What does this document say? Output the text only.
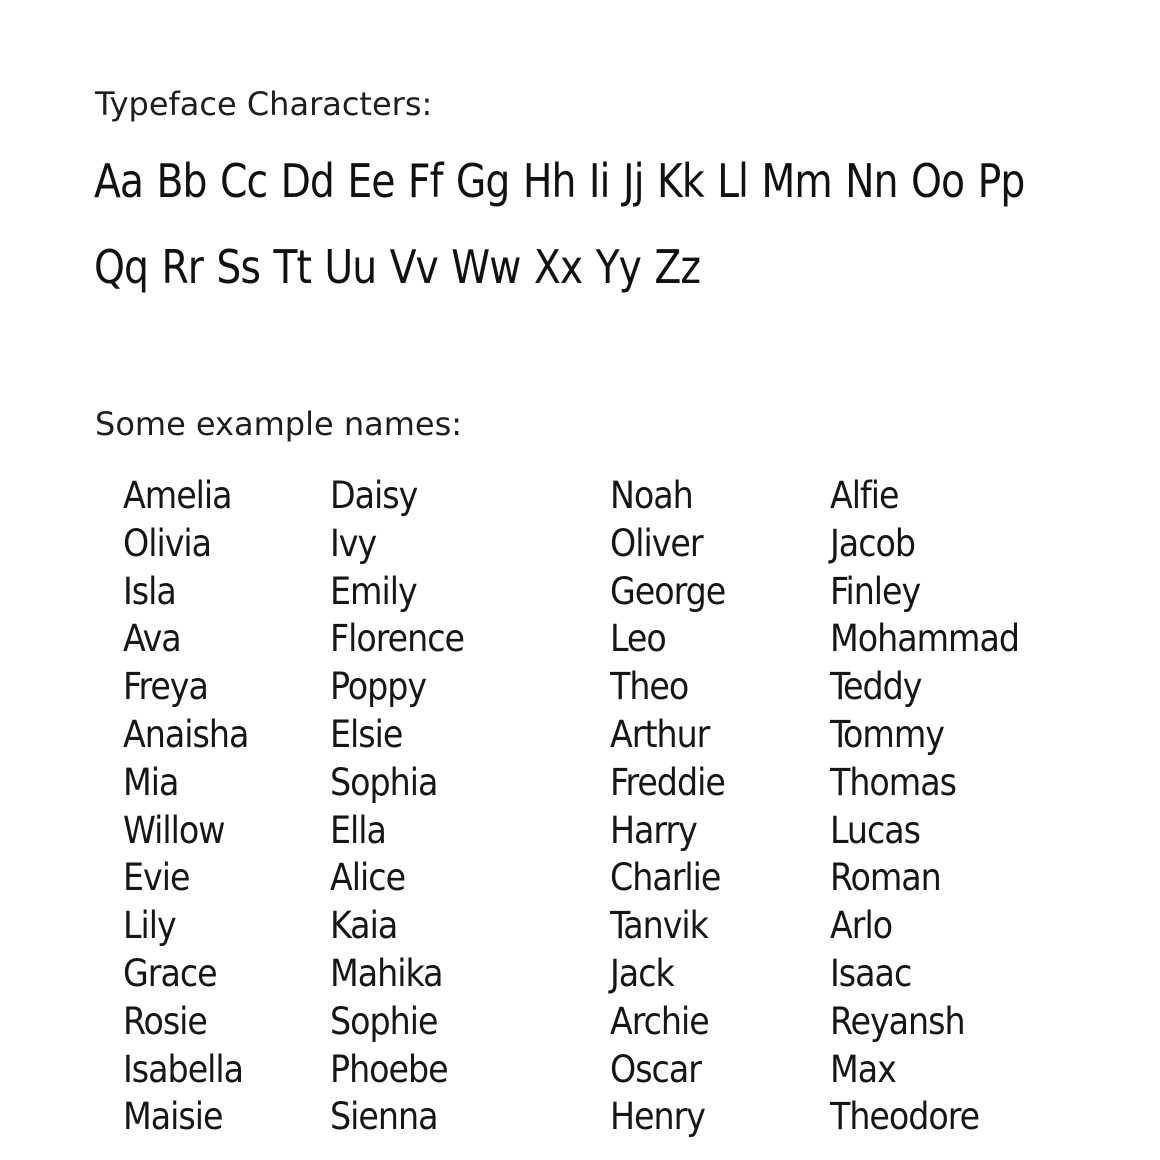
Typeface Characters:

Aa Bb Cc Dd Ee Ff Gg Hh Ii Jj Kk Ll Mm Nn Oo Pp

Qq Rr Ss Tt Uu Vv Ww Xx Yy Zz

Some example names:
Amelia
Olivia
Isla
Ava
Freya
Anaisha
Mia
Willow
Evie
Lily
Grace
Rosie
Isabella
Maisie
Daisy
Ivy
Emily
Florence
Poppy
Elsie
Sophia
Ella
Alice
Kaia
Mahika
Sophie
Phoebe
Sienna
Noah
Oliver
George
Leo
Theo
Arthur
Freddie
Harry
Charlie
Tanvik
Jack
Archie
Oscar
Henry
Alfie
Jacob
Finley
Mohammad
Teddy
Tommy
Thomas
Lucas
Roman
Arlo
Isaac
Reyansh
Max
Theodore
